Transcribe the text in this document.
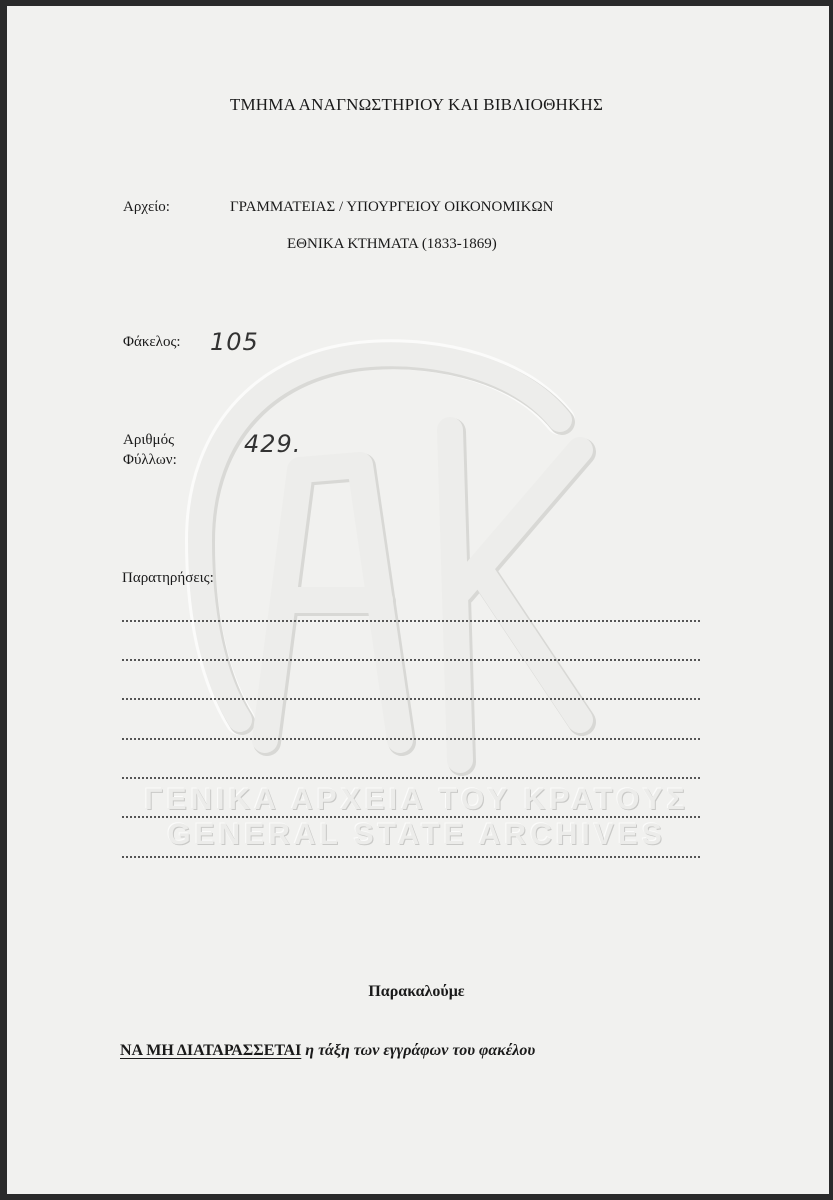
ΤΜΗΜΑ ΑΝΑΓΝΩΣΤΗΡΙΟΥ ΚΑΙ ΒΙΒΛΙΟΘΗΚΗΣ
Αρχείο:	ΓΡΑΜΜΑΤΕΙΑΣ / ΥΠΟΥΡΓΕΙΟΥ ΟΙΚΟΝΟΜΙΚΩΝ
ΕΘΝΙΚΑ ΚΤΗΜΑΤΑ (1833-1869)
Φάκελος: 105
Αριθμός
Φύλλων:
429.
Παρατηρήσεις:
ΓΕΝΙΚΑ ΑΡΧΕΙΑ ΤΟΥ ΚΡΑΤΟΥΣ
GENERAL STATE ARCHIVES
Παρακαλούμε
ΝΑ ΜΗ ΔΙΑΤΑΡΑΣΣΕΤΑΙ η τάξη των εγγράφων του φακέλου
